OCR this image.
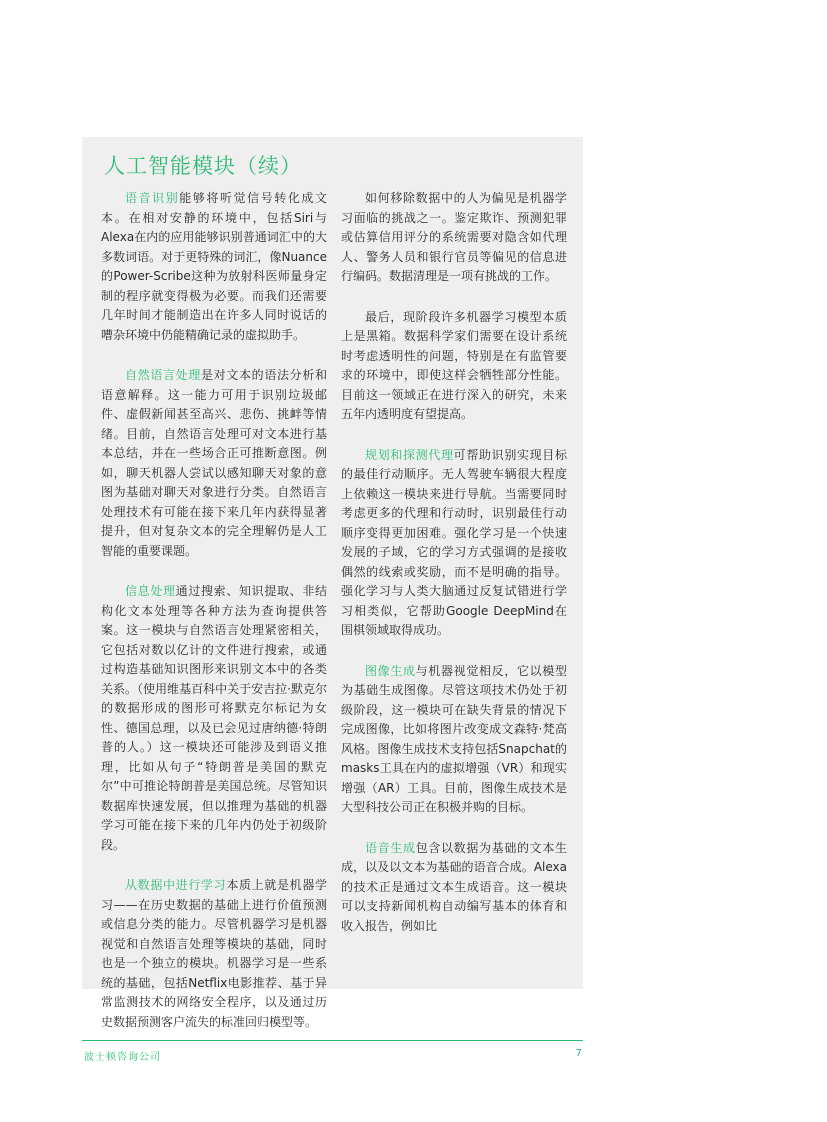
人工智能模块（续）

语音识别能够将听觉信号转化成文本。在相对安静的环境中，包括Siri与Alexa在内的应用能够识别普通词汇中的大多数词语。对于更特殊的词汇，像Nuance的Power-Scribe这种为放射科医师量身定制的程序就变得极为必要。而我们还需要几年时间才能制造出在许多人同时说话的嘈杂环境中仍能精确记录的虚拟助手。

自然语言处理是对文本的语法分析和语意解释。这一能力可用于识别垃圾邮件、虚假新闻甚至高兴、悲伤、挑衅等情绪。目前，自然语言处理可对文本进行基本总结，并在一些场合正可推断意图。例如，聊天机器人尝试以感知聊天对象的意图为基础对聊天对象进行分类。自然语言处理技术有可能在接下来几年内获得显著提升，但对复杂文本的完全理解仍是人工智能的重要课题。

信息处理通过搜索、知识提取、非结构化文本处理等各种方法为查询提供答案。这一模块与自然语言处理紧密相关，它包括对数以亿计的文件进行搜索，或通过构造基础知识图形来识别文本中的各类关系。（使用维基百科中关于安吉拉·默克尔的数据形成的图形可将默克尔标记为女性、德国总理，以及已会见过唐纳德·特朗普的人。）这一模块还可能涉及到语义推理，比如从句子“特朗普是美国的默克尔”中可推论特朗普是美国总统。尽管知识数据库快速发展，但以推理为基础的机器学习可能在接下来的几年内仍处于初级阶段。

从数据中进行学习本质上就是机器学习——在历史数据的基础上进行价值预测或信息分类的能力。尽管机器学习是机器视觉和自然语言处理等模块的基础，同时也是一个独立的模块。机器学习是一些系统的基础，包括Netflix电影推荐、基于异常监测技术的网络安全程序，以及通过历史数据预测客户流失的标准回归模型等。

如何移除数据中的人为偏见是机器学习面临的挑战之一。鉴定欺诈、预测犯罪或估算信用评分的系统需要对隐含如代理人、警务人员和银行官员等偏见的信息进行编码。数据清理是一项有挑战的工作。

最后，现阶段许多机器学习模型本质上是黑箱。数据科学家们需要在设计系统时考虑透明性的问题，特别是在有监管要求的环境中，即使这样会牺牲部分性能。目前这一领域正在进行深入的研究，未来五年内透明度有望提高。

规划和探测代理可帮助识别实现目标的最佳行动顺序。无人驾驶车辆很大程度上依赖这一模块来进行导航。当需要同时考虑更多的代理和行动时，识别最佳行动顺序变得更加困难。强化学习是一个快速发展的子域，它的学习方式强调的是接收偶然的线索或奖励，而不是明确的指导。强化学习与人类大脑通过反复试错进行学习相类似，它帮助Google DeepMind在围棋领域取得成功。

图像生成与机器视觉相反，它以模型为基础生成图像。尽管这项技术仍处于初级阶段，这一模块可在缺失背景的情况下完成图像，比如将图片改变成文森特·梵高风格。图像生成技术支持包括Snapchat的masks工具在内的虚拟增强（VR）和现实增强（AR）工具。目前，图像生成技术是大型科技公司正在积极并购的目标。

语音生成包含以数据为基础的文本生成，以及以文本为基础的语音合成。Alexa的技术正是通过文本生成语音。这一模块可以支持新闻机构自动编写基本的体育和收入报告，例如比

波士顿咨询公司	7
